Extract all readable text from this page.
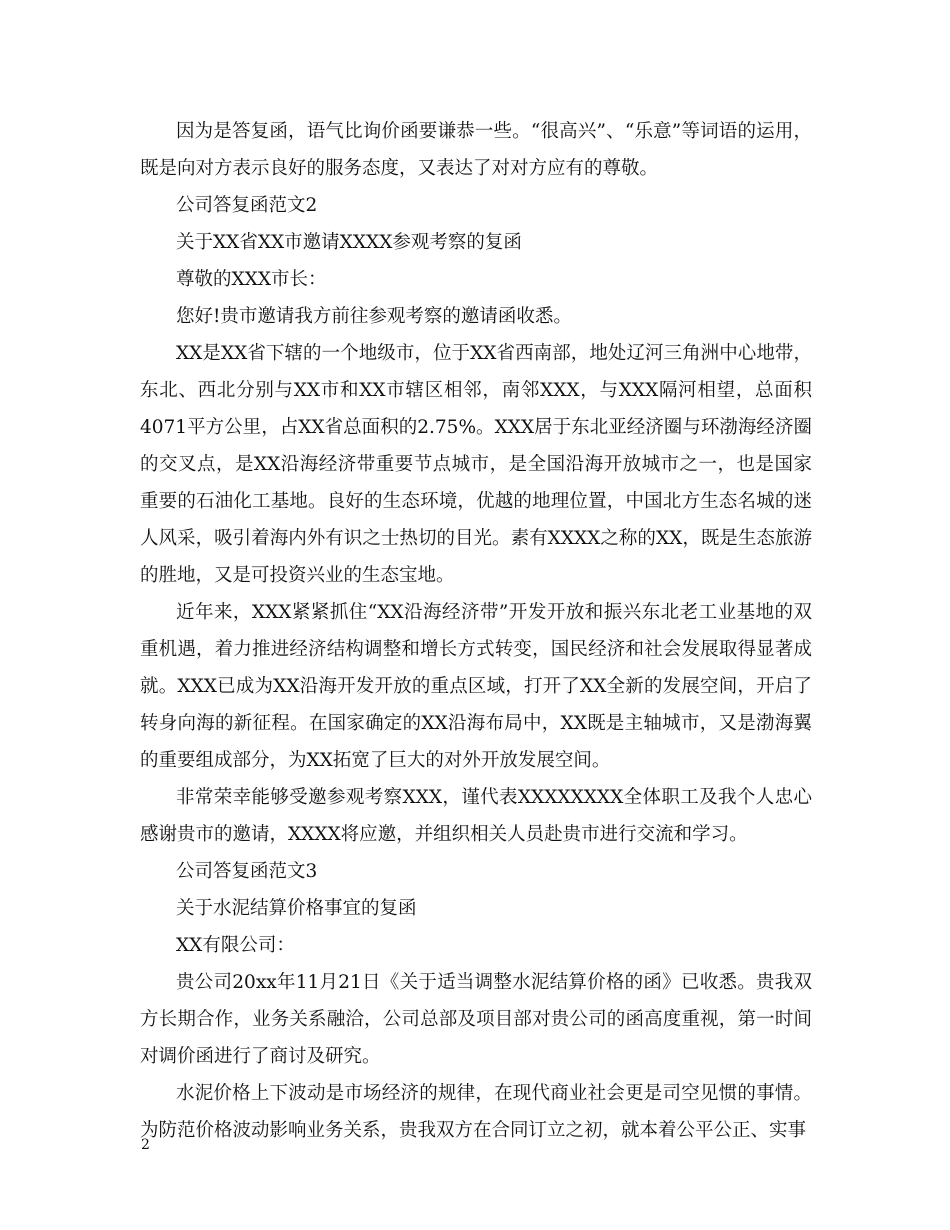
因为是答复函，语气比询价函要谦恭一些。“很高兴”、“乐意”等词语的运用，既是向对方表示良好的服务态度，又表达了对对方应有的尊敬。

公司答复函范文2

关于XX省XX市邀请XXXX参观考察的复函

尊敬的XXX市长：

您好!贵市邀请我方前往参观考察的邀请函收悉。

XX是XX省下辖的一个地级市，位于XX省西南部，地处辽河三角洲中心地带，东北、西北分别与XX市和XX市辖区相邻，南邻XXX，与XXX隔河相望，总面积4071平方公里，占XX省总面积的2.75%。XXX居于东北亚经济圈与环渤海经济圈的交叉点，是XX沿海经济带重要节点城市，是全国沿海开放城市之一，也是国家重要的石油化工基地。良好的生态环境，优越的地理位置，中国北方生态名城的迷人风采，吸引着海内外有识之士热切的目光。素有XXXX之称的XX，既是生态旅游的胜地，又是可投资兴业的生态宝地。

近年来，XXX紧紧抓住“XX沿海经济带”开发开放和振兴东北老工业基地的双重机遇，着力推进经济结构调整和增长方式转变，国民经济和社会发展取得显著成就。XXX已成为XX沿海开发开放的重点区域，打开了XX全新的发展空间，开启了转身向海的新征程。在国家确定的XX沿海布局中，XX既是主轴城市，又是渤海翼的重要组成部分，为XX拓宽了巨大的对外开放发展空间。

非常荣幸能够受邀参观考察XXX，谨代表XXXXXXXX全体职工及我个人忠心感谢贵市的邀请，XXXX将应邀，并组织相关人员赴贵市进行交流和学习。

公司答复函范文3

关于水泥结算价格事宜的复函

XX有限公司：

贵公司20xx年11月21日《关于适当调整水泥结算价格的函》已收悉。贵我双方长期合作，业务关系融洽，公司总部及项目部对贵公司的函高度重视，第一时间对调价函进行了商讨及研究。

水泥价格上下波动是市场经济的规律，在现代商业社会更是司空见惯的事情。为防范价格波动影响业务关系，贵我双方在合同订立之初，就本着公平公正、实事

2
